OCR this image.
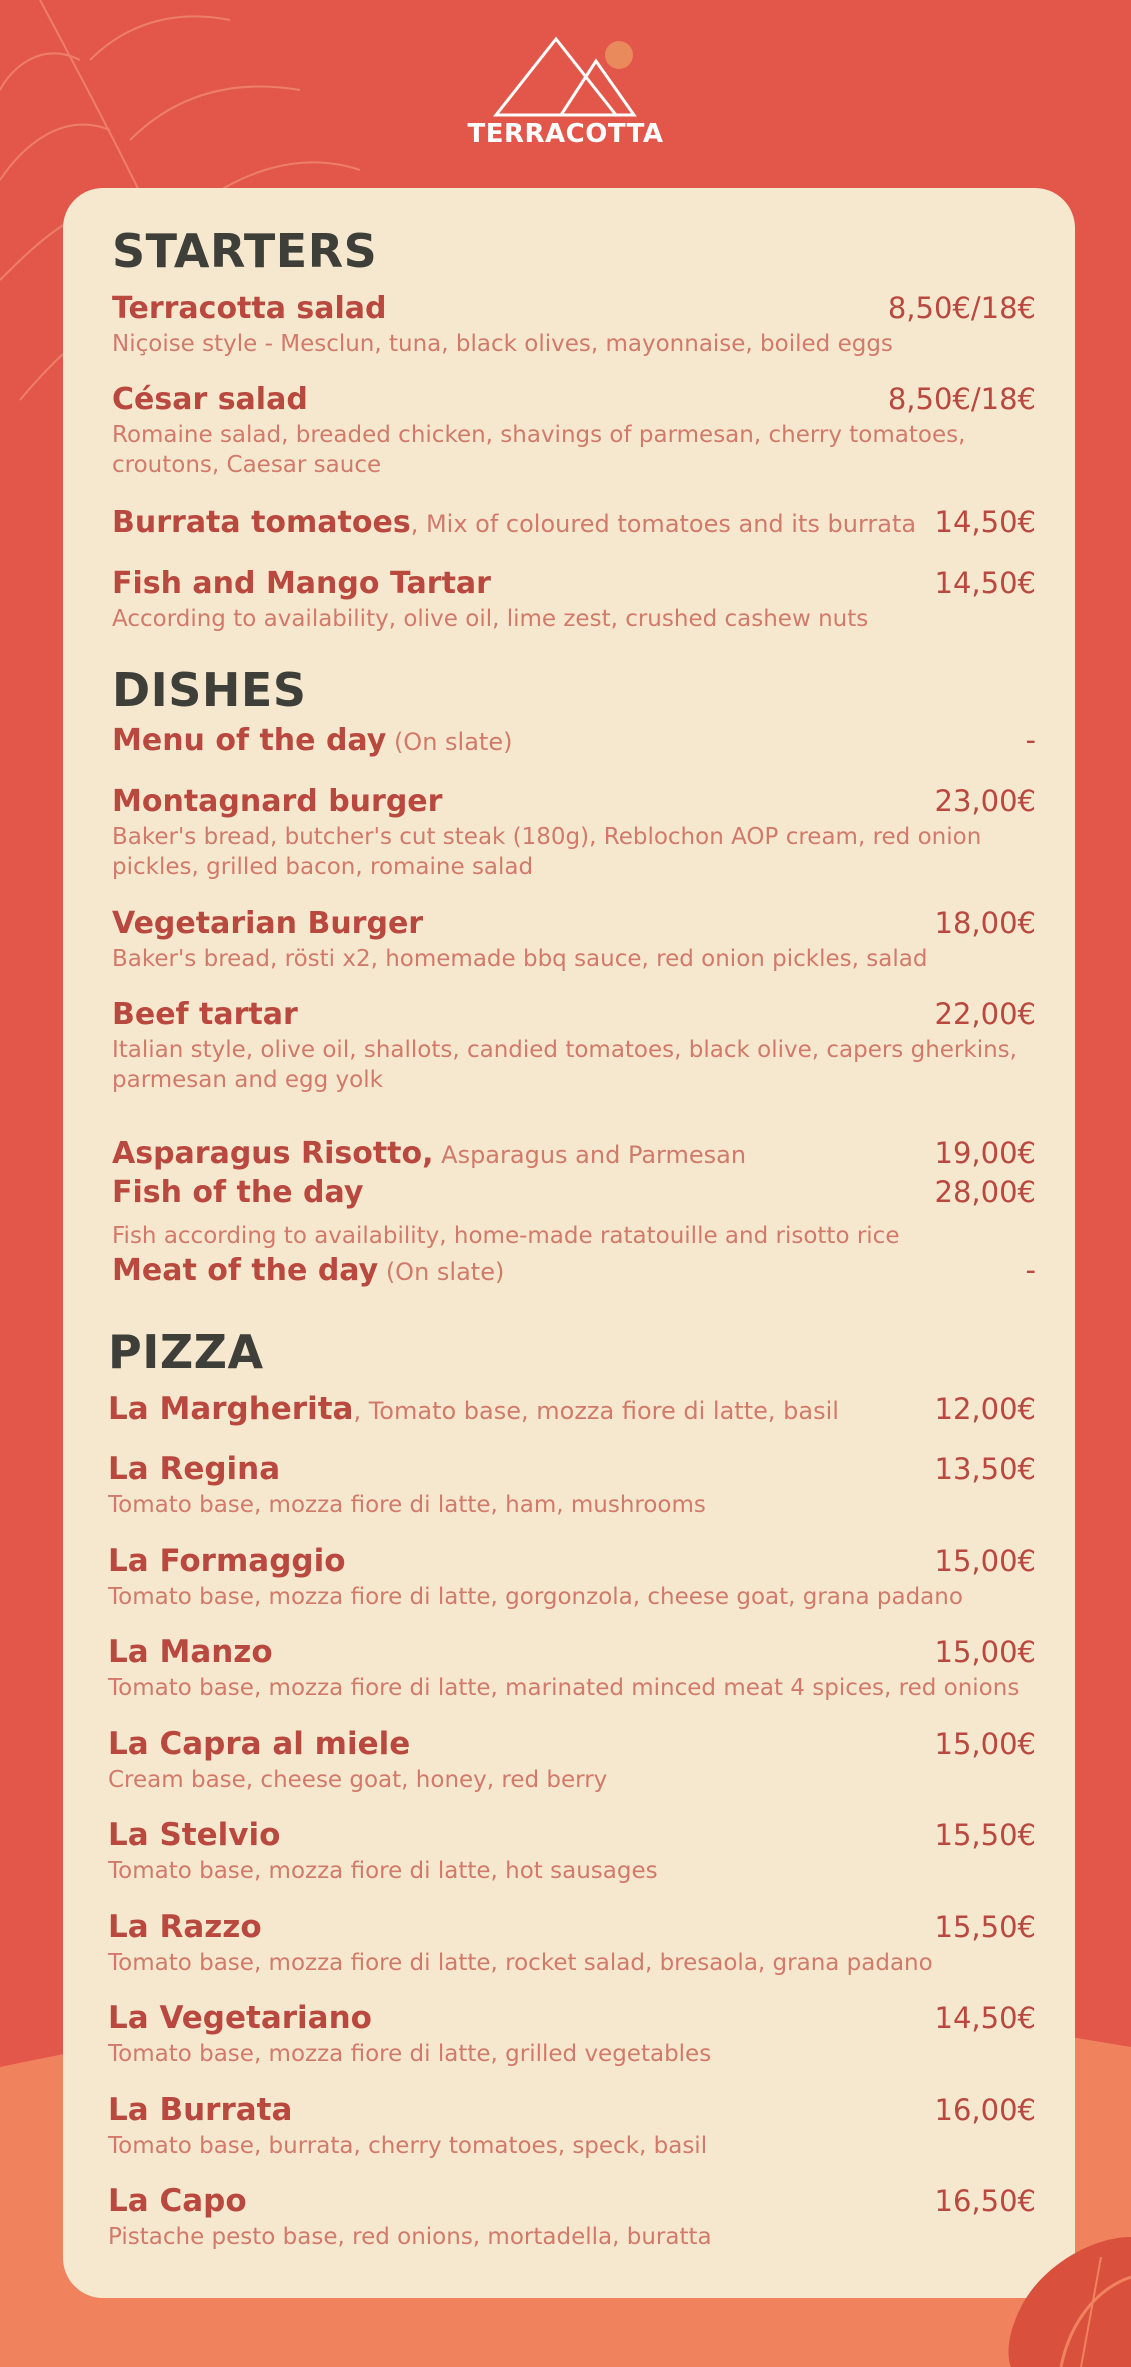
TERRACOTTA
STARTERS
Terracotta salad	8,50€/18€
Niçoise style - Mesclun, tuna, black olives, mayonnaise, boiled eggs
César salad	8,50€/18€
Romaine salad, breaded chicken, shavings of parmesan, cherry tomatoes, croutons, Caesar sauce
Burrata tomatoes, Mix of coloured tomatoes and its burrata 14,50€
Fish and Mango Tartar	14,50€
According to availability, olive oil, lime zest, crushed cashew nuts
DISHES
Menu of the day (On slate)	-
Montagnard burger	23,00€
Baker's bread, butcher's cut steak (180g), Reblochon AOP cream, red onion pickles, grilled bacon, romaine salad
Vegetarian Burger	18,00€
Baker's bread, rösti x2, homemade bbq sauce, red onion pickles, salad
Beef tartar	22,00€
Italian style, olive oil, shallots, candied tomatoes, black olive, capers gherkins, parmesan and egg yolk
Asparagus Risotto, Asparagus and Parmesan	19,00€
Fish of the day	28,00€
Fish according to availability, home-made ratatouille and risotto rice
Meat of the day (On slate)	-
PIZZA
La Margherita, Tomato base, mozza fiore di latte, basil	12,00€
La Regina	13,50€
Tomato base, mozza fiore di latte, ham, mushrooms
La Formaggio	15,00€
Tomato base, mozza fiore di latte, gorgonzola, cheese goat, grana padano
La Manzo	15,00€
Tomato base, mozza fiore di latte, marinated minced meat 4 spices, red onions
La Capra al miele	15,00€
Cream base, cheese goat, honey, red berry
La Stelvio	15,50€
Tomato base, mozza fiore di latte, hot sausages
La Razzo	15,50€
Tomato base, mozza fiore di latte, rocket salad, bresaola, grana padano
La Vegetariano	14,50€
Tomato base, mozza fiore di latte, grilled vegetables
La Burrata	16,00€
Tomato base, burrata, cherry tomatoes, speck, basil
La Capo	16,50€
Pistache pesto base, red onions, mortadella, buratta
